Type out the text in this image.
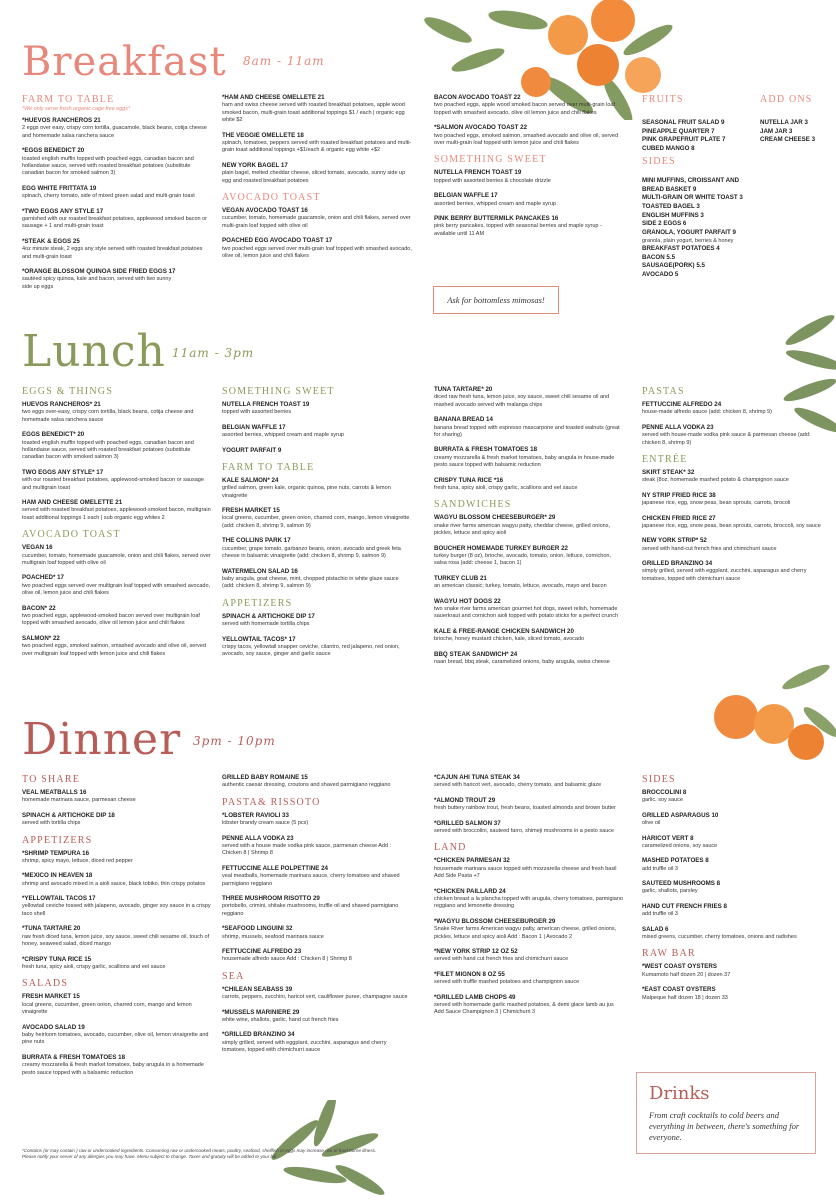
Breakfast 8am - 11am
FARM TO TABLE
*We only serve fresh organic cage free eggs*
*HUEVOS RANCHEROS 21
2 eggs over easy, crispy corn tortilla, guacamole, black beans, cotija cheese and homemade salsa ranchera sauce
*EGGS BENEDICT 20
toasted english muffin topped with poached eggs, canadian bacon and hollandaise sauce, served with roasted breakfast potatoes (substitute canadian bacon for smoked salmon 3)
EGG WHITE FRITTATA 19
spinach, cherry tomato, side of mixed green salad and multi-grain toast
*TWO EGGS ANY STYLE 17
garnished with our roasted breakfast potatoes, applewood smoked bacon or sausage + 1 and multi-grain toast
*STEAK & EGGS 25
4oz minute steak, 2 eggs any style served with roasted breakfast potatoes and multi-grain toast
*ORANGE BLOSSOM QUINOA SIDE FRIED EGGS 17
sautéed spicy quinoa, kale and bacon, served with two sunny side up eggs
*HAM AND CHEESE OMELLETE 21
ham and swiss cheese served with roasted breakfast potatoes, apple wood smoked bacon, multi-grain toast additional toppings $1 / each | organic egg white $2
THE VEGGIE OMELLETE 18
spinach, tomatoes, peppers served with roasted breakfast potatoes and multi-grain toast additional toppings +$1/each & organic egg white +$2
NEW YORK BAGEL 17
plain bagel, melted cheddar cheese, sliced tomato, avocado, sunny side up egg and roasted breakfast potatoes
AVOCADO TOAST
VEGAN AVOCADO TOAST 16
cucumber, tomato, homemade guacamole, onion and chili flakes, served over multi-grain loaf topped with olive oil
POACHED EGG AVOCADO TOAST 17
two poached eggs served over multi-grain loaf topped with smashed avocado, olive oil, lemon juice and chili flakes
BACON AVOCADO TOAST 22
two poached eggs, apple wood smoked bacon served over multi-grain loaf topped with smashed avocado, olive oil lemon juice and chili flakes
*SALMON AVOCADO TOAST 22
two poached eggs, smoked salmon, smashed avocado and olive oil, served over multi-grain loaf topped with lemon juice and chili flakes
SOMETHING SWEET
NUTELLA FRENCH TOAST 19
topped with assorted berries & chocolate drizzle
BELGIAN WAFFLE 17
assorted berries, whipped cream and maple syrup
PINK BERRY BUTTERMILK PANCAKES 16
pink berry pancakes, topped with seasonal berries and maple syrup - available until 11 AM
Ask for bottomless mimosas!
FRUITS
SEASONAL FRUIT SALAD 9
PINEAPPLE QUARTER 7
PINK GRAPEFRUIT PLATE 7
CUBED MANGO 8
ADD ONS
NUTELLA JAR 3
JAM JAR 3
CREAM CHEESE 3
SIDES
MINI MUFFINS, CROISSANT AND BREAD BASKET 9
MULTI-GRAIN OR WHITE TOAST 3
TOASTED BAGEL 3
ENGLISH MUFFINS 3
SIDE 2 EGGS 6
GRANOLA, YOGURT PARFAIT 9
granola, plain yogurt, berries & honey
BREAKFAST POTATOES 4
BACON 5.5
SAUSAGE(PORK) 5.5
AVOCADO 5
Lunch 11am - 3pm
EGGS & THINGS
HUEVOS RANCHEROS* 21
two eggs over-easy, crispy corn tortilla, black beans, cotija cheese and homemade salsa ranchera sauce
EGGS BENEDICT* 20
toasted english muffin topped with poached eggs, canadian bacon and hollandaise sauce, served with roasted breakfast potatoes (substitute canadian bacon with smoked salmon 3)
TWO EGGS ANY STYLE* 17
with our roasted breakfast potatoes, applewood-smoked bacon or sausage and multigrain toast
HAM AND CHEESE OMELETTE 21
served with roasted breakfast potatoes, applewood-smoked bacon, multigrain toast additional toppings 1 each | sub organic egg whites 2
AVOCADO TOAST
VEGAN 16
cucumber, tomato, homemade guacamole, onion and chili flakes, served over multigrain loaf topped with olive oil
POACHED* 17
two poached eggs served over multigrain loaf topped with smashed avocado, olive oil, lemon juice and chili flakes
BACON* 22
two poached eggs, applewood-smoked bacon served over multigrain loaf topped with smashed avocado, olive oil lemon juice and chili flakes
SALMON* 22
two poached eggs, smoked salmon, smashed avocado and olive oil, served over multigrain loaf topped with lemon juice and chili flakes
SOMETHING SWEET
NUTELLA FRENCH TOAST 19
topped with assorted berries
BELGIAN WAFFLE 17
assorted berries, whipped cream and maple syrup
YOGURT PARFAIT 9
FARM TO TABLE
KALE SALMON* 24
grilled salmon, green kale, organic quinoa, pine nuts, carrots & lemon vinaigrette
FRESH MARKET 15
local greens, cucumber, green onion, charred corn, mango, lemon vinaigrette (add: chicken 8, shrimp 9, salmon 9)
THE COLLINS PARK 17
cucumber, grape tomato, garbanzo beans, onion, avocado and greek feta cheese in balsamic vinaigrette (add: chicken 8, shrimp 9, salmon 9)
WATERMELON SALAD 16
baby arugula, goat cheese, mint, chopped pistachio in white glaze sauce (add: chicken 8, shrimp 9, salmon 9)
APPETIZERS
SPINACH & ARTICHOKE DIP 17
served with homemade tortilla chips
YELLOWTAIL TACOS* 17
crispy tacos, yellowtail snapper ceviche, cilantro, red jalapeno, red onion, avocado, soy sauce, ginger and garlic sauce
TUNA TARTARE* 20
diced raw fresh tuna, lemon juice, soy sauce, sweet chili sesame oil and mashed avocado served with malanga chips
BANANA BREAD 14
banana bread topped with espresso mascarpone and toasted walnuts (great for sharing)
BURRATA & FRESH TOMATOES 18
creamy mozzarella & fresh market tomatoes, baby arugula in house-made pesto sauce topped with balsamic reduction
CRISPY TUNA RICE *16
fresh tuna, spicy aioli, crispy garlic, scallions and eel sauce
SANDWICHES
WAGYU BLOSSOM CHEESEBURGER* 29
snake river farms american wagyu patty, cheddar cheese, grilled onions, pickles, lettuce and spicy aioli
BOUCHER HOMEMADE TURKEY BURGER 22
turkey burger (8 oz), brioche, avocado, tomato, onion, lettuce, cornichon, salsa rosa (add: cheese 1, bacon 1)
TURKEY CLUB 21
an american classic; turkey, tomato, lettuce, avocado, mayo and bacon
WAGYU HOT DOGS 22
two snake river farms american gourmet hot dogs, sweet relish, homemade sauerkraut and cornichon aioli topped with potato sticks for a perfect crunch
KALE & FREE-RANGE CHICKEN SANDWICH 20
brioche, honey mustard chicken, kale, sliced tomato, avocado
BBQ STEAK SANDWICH* 24
naan bread, bbq steak, caramelized onions, baby arugula, swiss cheese
PASTAS
FETTUCCINE ALFREDO 24
house-made alfredo sauce (add: chicken 8, shrimp 9)
PENNE ALLA VODKA 23
served with house-made vodka pink sauce & parmesan cheese (add: chicken 8, shrimp 9)
ENTRÉE
SKIRT STEAK* 32
steak (8oz, homemade mashed potato & champignon sauce
NY STRIP FRIED RICE 38
japanese rice, egg, snow peas, bean sprouts, carrots, brocoli
CHICKEN FRIED RICE 27
japanese rice, egg, snow peas, bean sprouts, carrots, broccoli, soy sauce
NEW YORK STRIP* 52
served with hand-cut french fries and chimichurri sauce
GRILLED BRANZINO 34
simply grilled, served with eggplant, zucchini, asparagus and cherry tomatoes, topped with chimichurri sauce
Dinner 3pm - 10pm
TO SHARE
VEAL MEATBALLS 16
homemade marinara sauce, parmesan cheese
SPINACH & ARTICHOKE DIP 18
served with tortilla chips
APPETIZERS
*SHRIMP TEMPURA 16
shrimp, spicy mayo, lettuce, diced red pepper
*MEXICO IN HEAVEN 18
shrimp and avocado mixed in a aioli sauce, black tobiko, thin crispy potatos
*YELLOWTAIL TACOS 17
yellowtail ceviche tossed with jalapeno, avocado, ginger soy sauce in a crispy taco shell
*TUNA TARTARE 20
raw fresh diced tuna, lemon juice, soy sauce, sweet chili sesame oil, touch of honey, seaweed salad, diced mango
*CRISPY TUNA RICE 15
fresh tuna, spicy aioli, crispy garlic, scallions and eel sauce
SALADS
FRESH MARKET 15
local greens, cucumber, green onion, charred corn, mango and lemon vinaigrette
AVOCADO SALAD 19
baby heirloom tomatoes, avocado, cucumber, olive oil, lemon vinaigrette and pine nuts
BURRATA & FRESH TOMATOES 18
creamy mozzarella & fresh market tomatoes, baby arugula in a homemade pesto sauce topped with a balsamic reduction
*Contains (or may contain ) raw or undercooked ingredients. Consuming raw or undercooked meats, poultry, seafood, shellfish or eggs may increase risk of food-borne illness. Please notify your server of any allergies you may have. Menu subject to change. Taxes and gratuity will be added to your bill
GRILLED BABY ROMAINE 15
authentic caesar dressing, croutons and shaved parmigiano reggiano
PASTA& RISSOTO
*LOBSTER RAVIOLI 33
lobster brandy cream sauce (5 pcs)
PENNE ALLA VODKA 23
served with a house made vodka pink sauce, parmesan cheese Add : Chicken 8 | Shrimp 8
FETTUCCINE ALLE POLPETTINE 24
veal meatballs, homemade marinara sauce, cherry tomatoes and shaved parmigiano reggiano
THREE MUSHROOM RISOTTO 29
portobello, crimini, shitake mushrooms, truffle oil and shaved parmigiano reggiano
*SEAFOOD LINGUINI 32
shrimp, mussels, seafood marinara sauce
FETTUCCINE ALFREDO 23
housemade alfredo sauce Add : Chicken 8 | Shrimp 8
SEA
*CHILEAN SEABASS 39
carrots, peppers, zucchini, haricot vert, cauliflower puree, champagne sauce
*MUSSELS MARINIERE 29
white wine, shallots, garlic, hand cut french fries
*GRILLED BRANZINO 34
simply grilled, served with eggplant, zucchini, asparagus and cherry tomatoes, topped with chimichurri sauce
*CAJUN AHI TUNA STEAK 34
served with haricot vert, avocado, cherry tomato, and balsamic glaze
*ALMOND TROUT 29
fresh buttery rainbow trout, fresh beans, toasted almonds and brown butter
*GRILLED SALMON 37
served with broccolini, sauteed farro, shimeji mushrooms in a pesto sauce
LAND
*CHICKEN PARMESAN 32
housemade marinara sauce topped with mozzarella cheese and fresh basil Add Side Pasta +7
*CHICKEN PAILLARD 24
chicken breast a la plancha topped with arugula, cherry tomatoes, parmigiano reggiano and lemonette dressing
*WAGYU BLOSSOM CHEESEBURGER 29
Snake River farms American wagyu patty, american cheese, grilled onions, pickles, lettuce and spicy aioli Add : Bacon 1 | Avocado 2
*NEW YORK STRIP 12 OZ 52
served with hand cut french fries and chimichurri sauce
*FILET MIGNON 8 OZ 55
served with truffle mashed potatoes and champignon sauce
*GRILLED LAMB CHOPS 49
served with homemade garlic mashed potatoes, & demi glace lamb au jus Add Sauce Champignon 3 | Chimichurri 3
SIDES
BROCCOLINI 8
garlic, soy sauce
GRILLED ASPARAGUS 10
olive oil
HARICOT VERT 8
caramelized onions, soy sauce
MASHED POTATOES 8
add truffle oil 3
SAUTEED MUSHROOMS 8
garlic, shallots, parsley
HAND CUT FRENCH FRIES 8
add truffle oil 3
SALAD 6
mixed greens, cucumber, cherry tomatoes, onions and radishes
RAW BAR
*WEST COAST OYSTERS
Kumamoto half dozen 20 | dozen 37
*EAST COAST OYSTERS
Malpeque half dozen 18 | dozen 33
Drinks
From craft cocktails to cold beers and everything in between, there's something for everyone.
